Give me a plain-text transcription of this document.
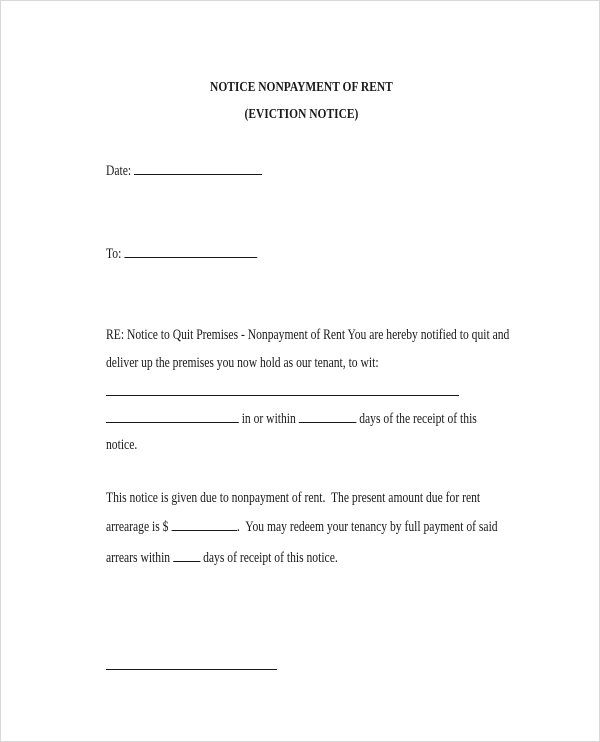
NOTICE NONPAYMENT OF RENT
(EVICTION NOTICE)
Date:
To:
RE: Notice to Quit Premises - Nonpayment of Rent You are hereby notified to quit and
deliver up the premises you now hold as our tenant, to wit:
in or within	days of the receipt of this
notice.
This notice is given due to nonpayment of rent.  The present amount due for rent
arrearage is $	.  You may redeem your tenancy by full payment of said
arrears within  days of receipt of this notice.
